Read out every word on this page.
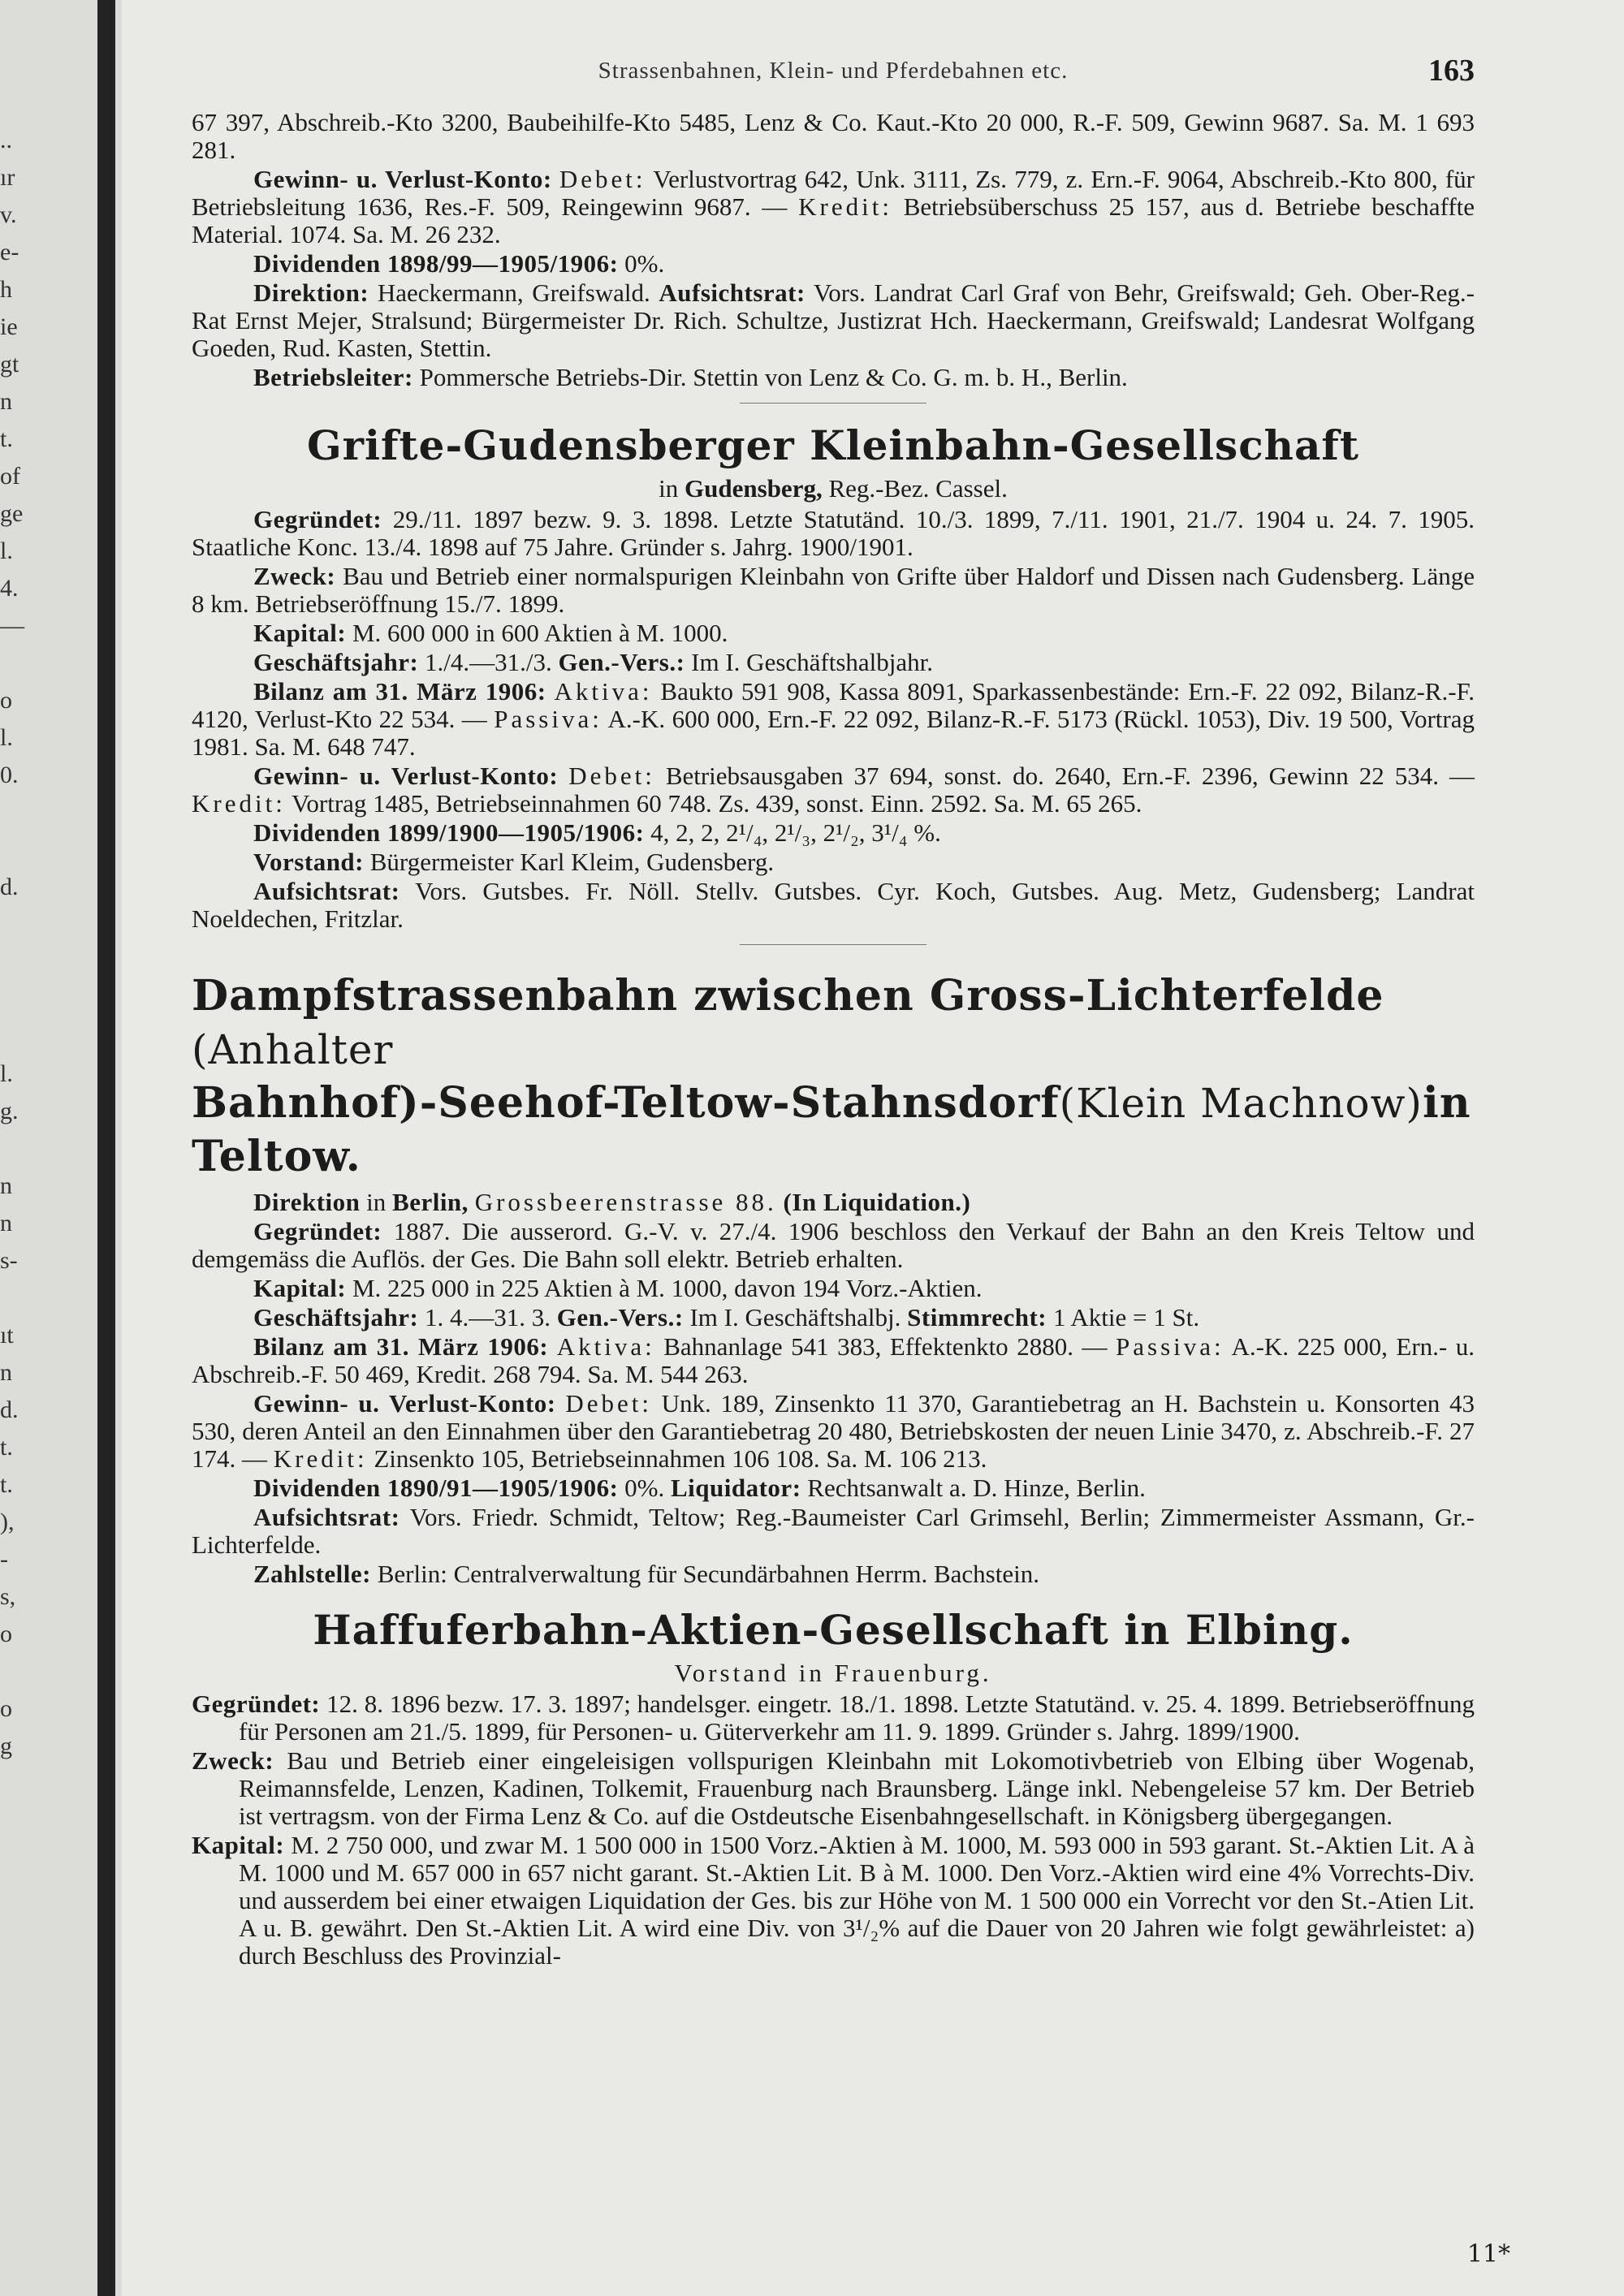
..
ır
v.
e-
h
ie
gt
n
t.
of
ge
l.
4.
—
o
l.
0.
d.
l.
g.
n
n
s-
ıt
n
d.
t.
t.
),
-
s,
o
o
g
Strassenbahnen, Klein- und Pferdebahnen etc.	163

67 397, Abschreib.-Kto 3200, Baubeihilfe-Kto 5485, Lenz & Co. Kaut.-Kto 20 000, R.-F. 509, Gewinn 9687. Sa. M. 1 693 281.

Gewinn- u. Verlust-Konto: Debet: Verlustvortrag 642, Unk. 3111, Zs. 779, z. Ern.-F. 9064, Abschreib.-Kto 800, für Betriebsleitung 1636, Res.-F. 509, Reingewinn 9687. — Kredit: Betriebsüberschuss 25 157, aus d. Betriebe beschaffte Material. 1074. Sa. M. 26 232.

Dividenden 1898/99—1905/1906: 0%.

Direktion: Haeckermann, Greifswald. Aufsichtsrat: Vors. Landrat Carl Graf von Behr, Greifswald; Geh. Ober-Reg.-Rat Ernst Mejer, Stralsund; Bürgermeister Dr. Rich. Schultze, Justizrat Hch. Haeckermann, Greifswald; Landesrat Wolfgang Goeden, Rud. Kasten, Stettin.

Betriebsleiter: Pommersche Betriebs-Dir. Stettin von Lenz & Co. G. m. b. H., Berlin.

Grifte-Gudensberger Kleinbahn-Gesellschaft
in Gudensberg, Reg.-Bez. Cassel.

Gegründet: 29./11. 1897 bezw. 9. 3. 1898. Letzte Statutänd. 10./3. 1899, 7./11. 1901, 21./7. 1904 u. 24. 7. 1905. Staatliche Konc. 13./4. 1898 auf 75 Jahre. Gründer s. Jahrg. 1900/1901.

Zweck: Bau und Betrieb einer normalspurigen Kleinbahn von Grifte über Haldorf und Dissen nach Gudensberg. Länge 8 km. Betriebseröffnung 15./7. 1899.

Kapital: M. 600 000 in 600 Aktien à M. 1000.

Geschäftsjahr: 1./4.—31./3. Gen.-Vers.: Im I. Geschäftshalbjahr.

Bilanz am 31. März 1906: Aktiva: Baukto 591 908, Kassa 8091, Sparkassenbestände: Ern.-F. 22 092, Bilanz-R.-F. 4120, Verlust-Kto 22 534. — Passiva: A.-K. 600 000, Ern.-F. 22 092, Bilanz-R.-F. 5173 (Rückl. 1053), Div. 19 500, Vortrag 1981. Sa. M. 648 747.

Gewinn- u. Verlust-Konto: Debet: Betriebsausgaben 37 694, sonst. do. 2640, Ern.-F. 2396, Gewinn 22 534. — Kredit: Vortrag 1485, Betriebseinnahmen 60 748. Zs. 439, sonst. Einn. 2592. Sa. M. 65 265.

Dividenden 1899/1900—1905/1906: 4, 2, 2, 2¹/₄, 2¹/₃, 2¹/₂, 3¹/₄ %.

Vorstand: Bürgermeister Karl Kleim, Gudensberg.

Aufsichtsrat: Vors. Gutsbes. Fr. Nöll. Stellv. Gutsbes. Cyr. Koch, Gutsbes. Aug. Metz, Gudensberg; Landrat Noeldechen, Fritzlar.

Dampfstrassenbahn zwischen Gross-Lichterfelde (Anhalter
Bahnhof)-Seehof-Teltow-Stahnsdorf(Klein Machnow)in Teltow.

Direktion in Berlin, Grossbeerenstrasse 88. (In Liquidation.)

Gegründet: 1887. Die ausserord. G.-V. v. 27./4. 1906 beschloss den Verkauf der Bahn an den Kreis Teltow und demgemäss die Auflös. der Ges. Die Bahn soll elektr. Betrieb erhalten.

Kapital: M. 225 000 in 225 Aktien à M. 1000, davon 194 Vorz.-Aktien.

Geschäftsjahr: 1. 4.—31. 3. Gen.-Vers.: Im I. Geschäftshalbj. Stimmrecht: 1 Aktie = 1 St.

Bilanz am 31. März 1906: Aktiva: Bahnanlage 541 383, Effektenkto 2880. — Passiva: A.-K. 225 000, Ern.- u. Abschreib.-F. 50 469, Kredit. 268 794. Sa. M. 544 263.

Gewinn- u. Verlust-Konto: Debet: Unk. 189, Zinsenkto 11 370, Garantiebetrag an H. Bachstein u. Konsorten 43 530, deren Anteil an den Einnahmen über den Garantiebetrag 20 480, Betriebskosten der neuen Linie 3470, z. Abschreib.-F. 27 174. — Kredit: Zinsenkto 105, Betriebseinnahmen 106 108. Sa. M. 106 213.

Dividenden 1890/91—1905/1906: 0%. Liquidator: Rechtsanwalt a. D. Hinze, Berlin.

Aufsichtsrat: Vors. Friedr. Schmidt, Teltow; Reg.-Baumeister Carl Grimsehl, Berlin; Zimmermeister Assmann, Gr.-Lichterfelde.

Zahlstelle: Berlin: Centralverwaltung für Secundärbahnen Herrm. Bachstein.

Haffuferbahn-Aktien-Gesellschaft in Elbing.
Vorstand in Frauenburg.

Gegründet: 12. 8. 1896 bezw. 17. 3. 1897; handelsger. eingetr. 18./1. 1898. Letzte Statutänd. v. 25. 4. 1899. Betriebseröffnung für Personen am 21./5. 1899, für Personen- u. Güterverkehr am 11. 9. 1899. Gründer s. Jahrg. 1899/1900.

Zweck: Bau und Betrieb einer eingeleisigen vollspurigen Kleinbahn mit Lokomotivbetrieb von Elbing über Wogenab, Reimannsfelde, Lenzen, Kadinen, Tolkemit, Frauenburg nach Braunsberg. Länge inkl. Nebengeleise 57 km. Der Betrieb ist vertragsm. von der Firma Lenz & Co. auf die Ostdeutsche Eisenbahngesellschaft. in Königsberg übergegangen.

Kapital: M. 2 750 000, und zwar M. 1 500 000 in 1500 Vorz.-Aktien à M. 1000, M. 593 000 in 593 garant. St.-Aktien Lit. A à M. 1000 und M. 657 000 in 657 nicht garant. St.-Aktien Lit. B à M. 1000. Den Vorz.-Aktien wird eine 4% Vorrechts-Div. und ausserdem bei einer etwaigen Liquidation der Ges. bis zur Höhe von M. 1 500 000 ein Vorrecht vor den St.-Atien Lit. A u. B. gewährt. Den St.-Aktien Lit. A wird eine Div. von 3¹/₂% auf die Dauer von 20 Jahren wie folgt gewährleistet: a) durch Beschluss des Provinzial-

11*
